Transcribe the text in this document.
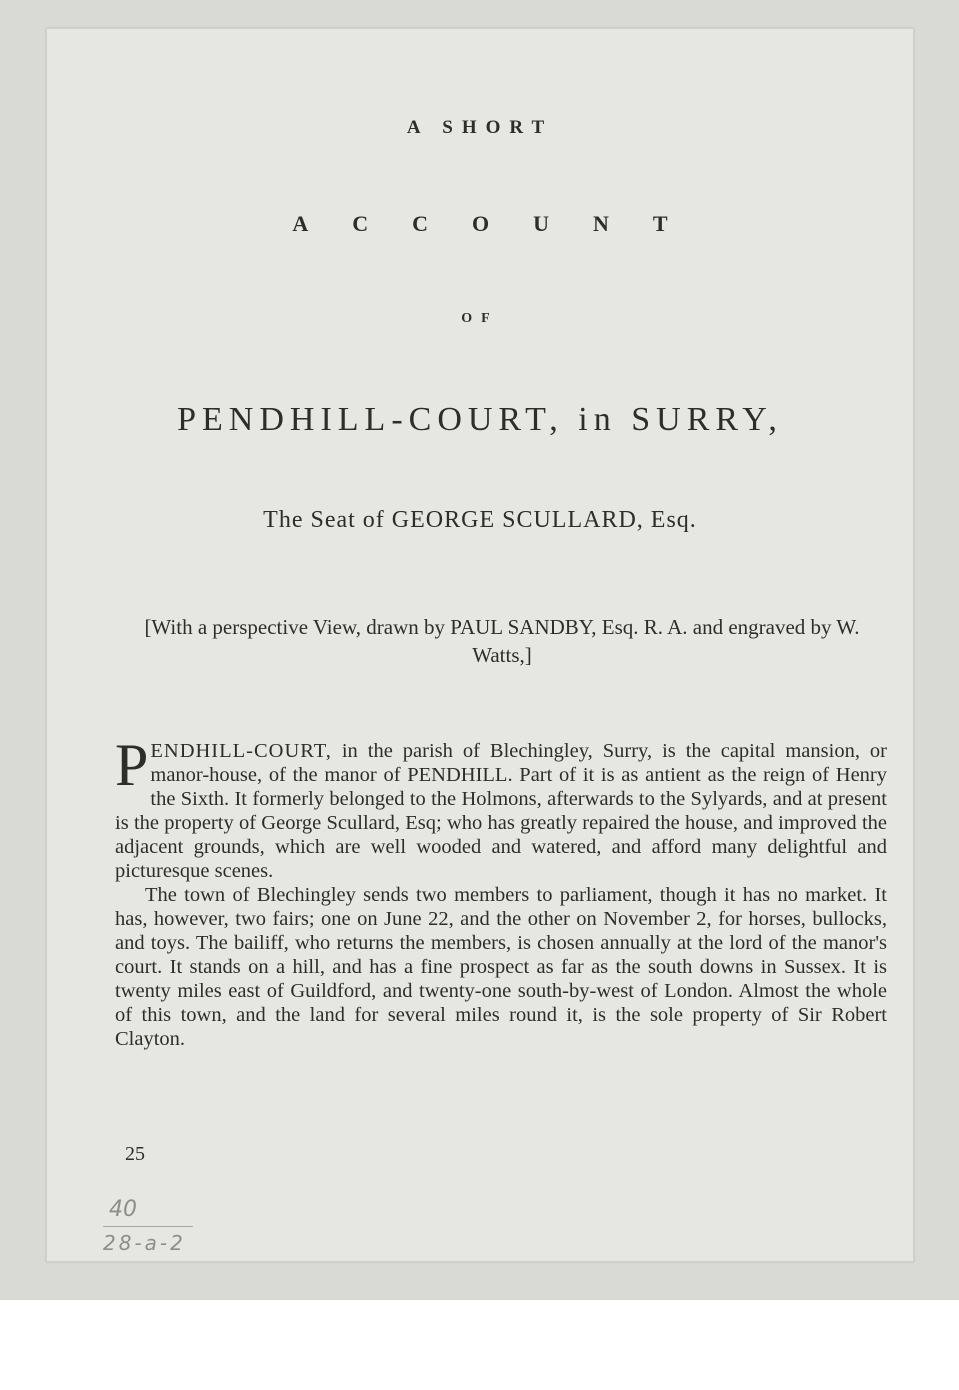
A SHORT
ACCOUNT
OF
PENDHILL-COURT, in SURRY,
The Seat of GEORGE SCULLARD, Esq.
[With a perspective View, drawn by PAUL SANDBY, Esq. R. A. and engraved by W. Watts,]

PENDHILL-COURT, in the parish of Blechingley, Surry, is the capital mansion, or manor-house, of the manor of PENDHILL. Part of it is as antient as the reign of Henry the Sixth. It formerly belonged to the Holmons, afterwards to the Sylyards, and at present is the property of George Scullard, Esq; who has greatly repaired the house, and improved the adjacent grounds, which are well wooded and watered, and afford many delightful and picturesque scenes.

The town of Blechingley sends two members to parliament, though it has no market. It has, however, two fairs; one on June 22, and the other on November 2, for horses, bullocks, and toys. The bailiff, who returns the members, is chosen annually at the lord of the manor's court. It stands on a hill, and has a fine prospect as far as the south downs in Sussex. It is twenty miles east of Guildford, and twenty-one south-by-west of London. Almost the whole of this town, and the land for several miles round it, is the sole property of Sir Robert Clayton.

25
40
28-a-2
